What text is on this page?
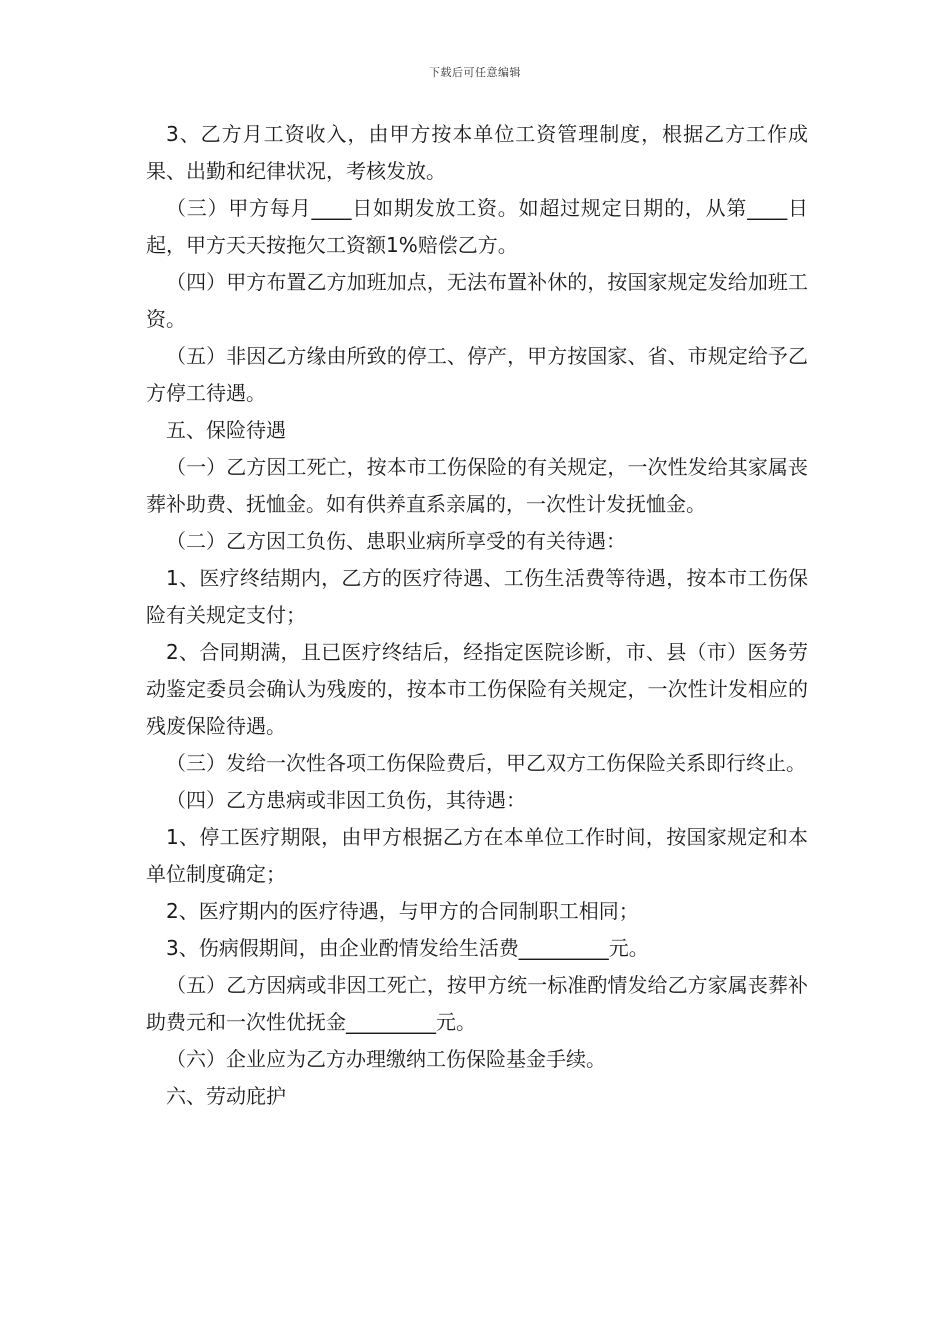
下载后可任意编辑

3、乙方月工资收入，由甲方按本单位工资管理制度，根据乙方工作成果、出勤和纪律状况，考核发放。

（三）甲方每月____日如期发放工资。如超过规定日期的，从第____日起，甲方天天按拖欠工资额1%赔偿乙方。

（四）甲方布置乙方加班加点，无法布置补休的，按国家规定发给加班工资。

（五）非因乙方缘由所致的停工、停产，甲方按国家、省、市规定给予乙方停工待遇。

五、保险待遇

（一）乙方因工死亡，按本市工伤保险的有关规定，一次性发给其家属丧葬补助费、抚恤金。如有供养直系亲属的，一次性计发抚恤金。

（二）乙方因工负伤、患职业病所享受的有关待遇：

1、医疗终结期内，乙方的医疗待遇、工伤生活费等待遇，按本市工伤保险有关规定支付；

2、合同期满，且已医疗终结后，经指定医院诊断，市、县（市）医务劳动鉴定委员会确认为残废的，按本市工伤保险有关规定，一次性计发相应的残废保险待遇。

（三）发给一次性各项工伤保险费后，甲乙双方工伤保险关系即行终止。

（四）乙方患病或非因工负伤，其待遇：

1、停工医疗期限，由甲方根据乙方在本单位工作时间，按国家规定和本单位制度确定；

2、医疗期内的医疗待遇，与甲方的合同制职工相同；

3、伤病假期间，由企业酌情发给生活费_________元。

（五）乙方因病或非因工死亡，按甲方统一标准酌情发给乙方家属丧葬补助费元和一次性优抚金_________元。

（六）企业应为乙方办理缴纳工伤保险基金手续。

六、劳动庇护
